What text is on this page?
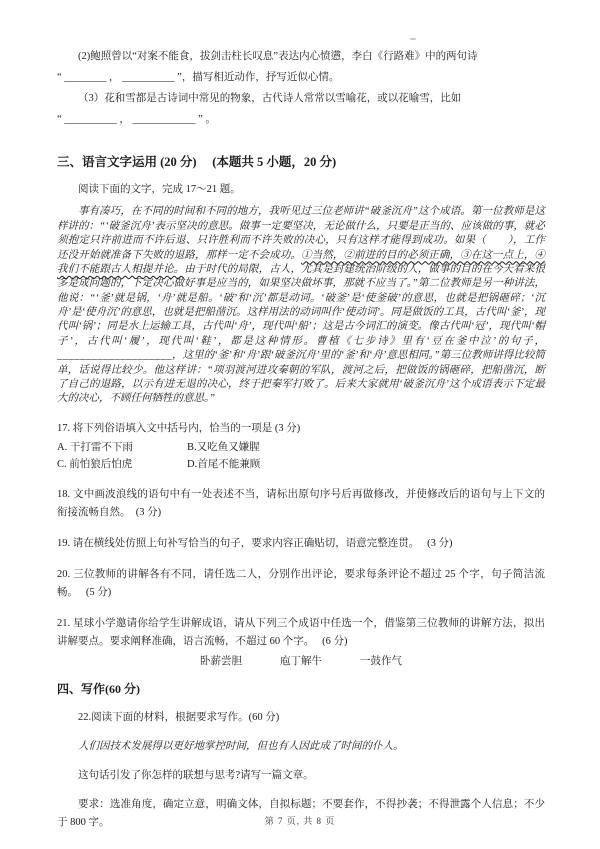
(2)鲍照曾以“对案不能食，拔剑击柱长叹息”表达内心愤懑，李白《行路难》中的两句诗

“ ________ ， __________ ”，描写相近动作，抒写近似心情。

（3）花和雪都是古诗词中常见的物象，古代诗人常常以雪喻花，或以花喻雪，比如

“ __________ ， ____________ ” 。

三、语言文字运用 (20 分)　 (本题共 5 小题，20 分)

阅读下面的文字，完成 17～21 题。

事有凑巧，在不同的时间和不同的地方，我听见过三位老师讲“破釜沉舟”这个成语。第一位教师是这样讲的：“‘破釜沉舟’表示坚决的意思。做事一定要坚决，无论做什么，只要是正当的、应该做的事，就必须抱定只许前进而不许后退、只许胜利而不许失败的决心，只有这样才能得到成功。如果（　　），工作还没开始就准备下失败的退路，那样一定不会成功。①当然，②前进的目的必须正确，③在这一点上，④我们不能跟古人相提并论。由于时代的局限，古人，尤其是封建统治阶级的人，做事的目的在今天看来很多是成问题的，下定决心做好事是应当的，如果坚决做坏事，那就不应当了。”第二位教师是另一种讲法，他说：“‘釜’就是锅，‘舟’就是船。‘破’和‘沉’都是动词。‘破釜’是‘使釜破’的意思，也就是把锅砸碎；‘沉舟’是‘使舟沉’的意思，也就是把船凿沉。这样用法的动词叫作‘使动词’。同是做饭的工具，古代叫‘釜’，现代叫‘锅’；同是水上运输工具，古代叫‘舟’，现代叫‘船’；这是古今词汇的演变。像古代叫‘冠’，现代叫‘帽子’，古代叫‘履’，现代叫‘鞋’，都是这种情形。曹植《七步诗》里有‘豆在釜中泣’的句子，____________________，这里的‘釜’和‘舟’跟‘破釜沉舟’里的‘釜’和‘舟’意思相同。”第三位教师讲得比较简单，话说得比较少。他这样讲：“项羽渡河进攻秦朝的军队，渡河之后，把做饭的锅砸碎，把船凿沉，断了自己的退路，以示有进无退的决心，终于把秦军打败了。后来大家就用‘破釜沉舟’这个成语表示下定最大的决心，不顾任何牺牲的意思。”

17. 将下列俗语填入文中括号内，恰当的一项是 (3 分)

A. 干打雷不下雨	B.又吃鱼又嫌腥
C. 前怕狼后怕虎	D.首尾不能兼顾

18. 文中画波浪线的语句中有一处表述不当，请标出原句序号后再做修改，并使修改后的语句与上下文的衔接流畅自然。　(3 分)

19. 请在横线处仿照上句补写恰当的句子，要求内容正确贴切，语意完整连贯。　 (3 分)

20. 三位教师的讲解各有不同，请任选二人，分别作出评论，要求每条评论不超过 25 个字，句子简洁流畅。　 (5 分)

21. 星球小学邀请你给学生讲解成语，请从下列三个成语中任选一个，借鉴第三位教师的讲解方法，拟出讲解要点。要求阐释准确，语言流畅，不超过 60 个字。　 (6 分)

卧薪尝胆	庖丁解牛	一鼓作气
四、写作(60 分)

22.阅读下面的材料，根据要求写作。(60 分)

人们因技术发展得以更好地掌控时间，但也有人因此成了时间的仆人。

这句话引发了你怎样的联想与思考?请写一篇文章。

要求：选准角度，确定立意，明确文体，自拟标题；不要套作，不得抄袭；不得泄露个人信息；不少于 800 字。	第 7 页, 共 8 页
